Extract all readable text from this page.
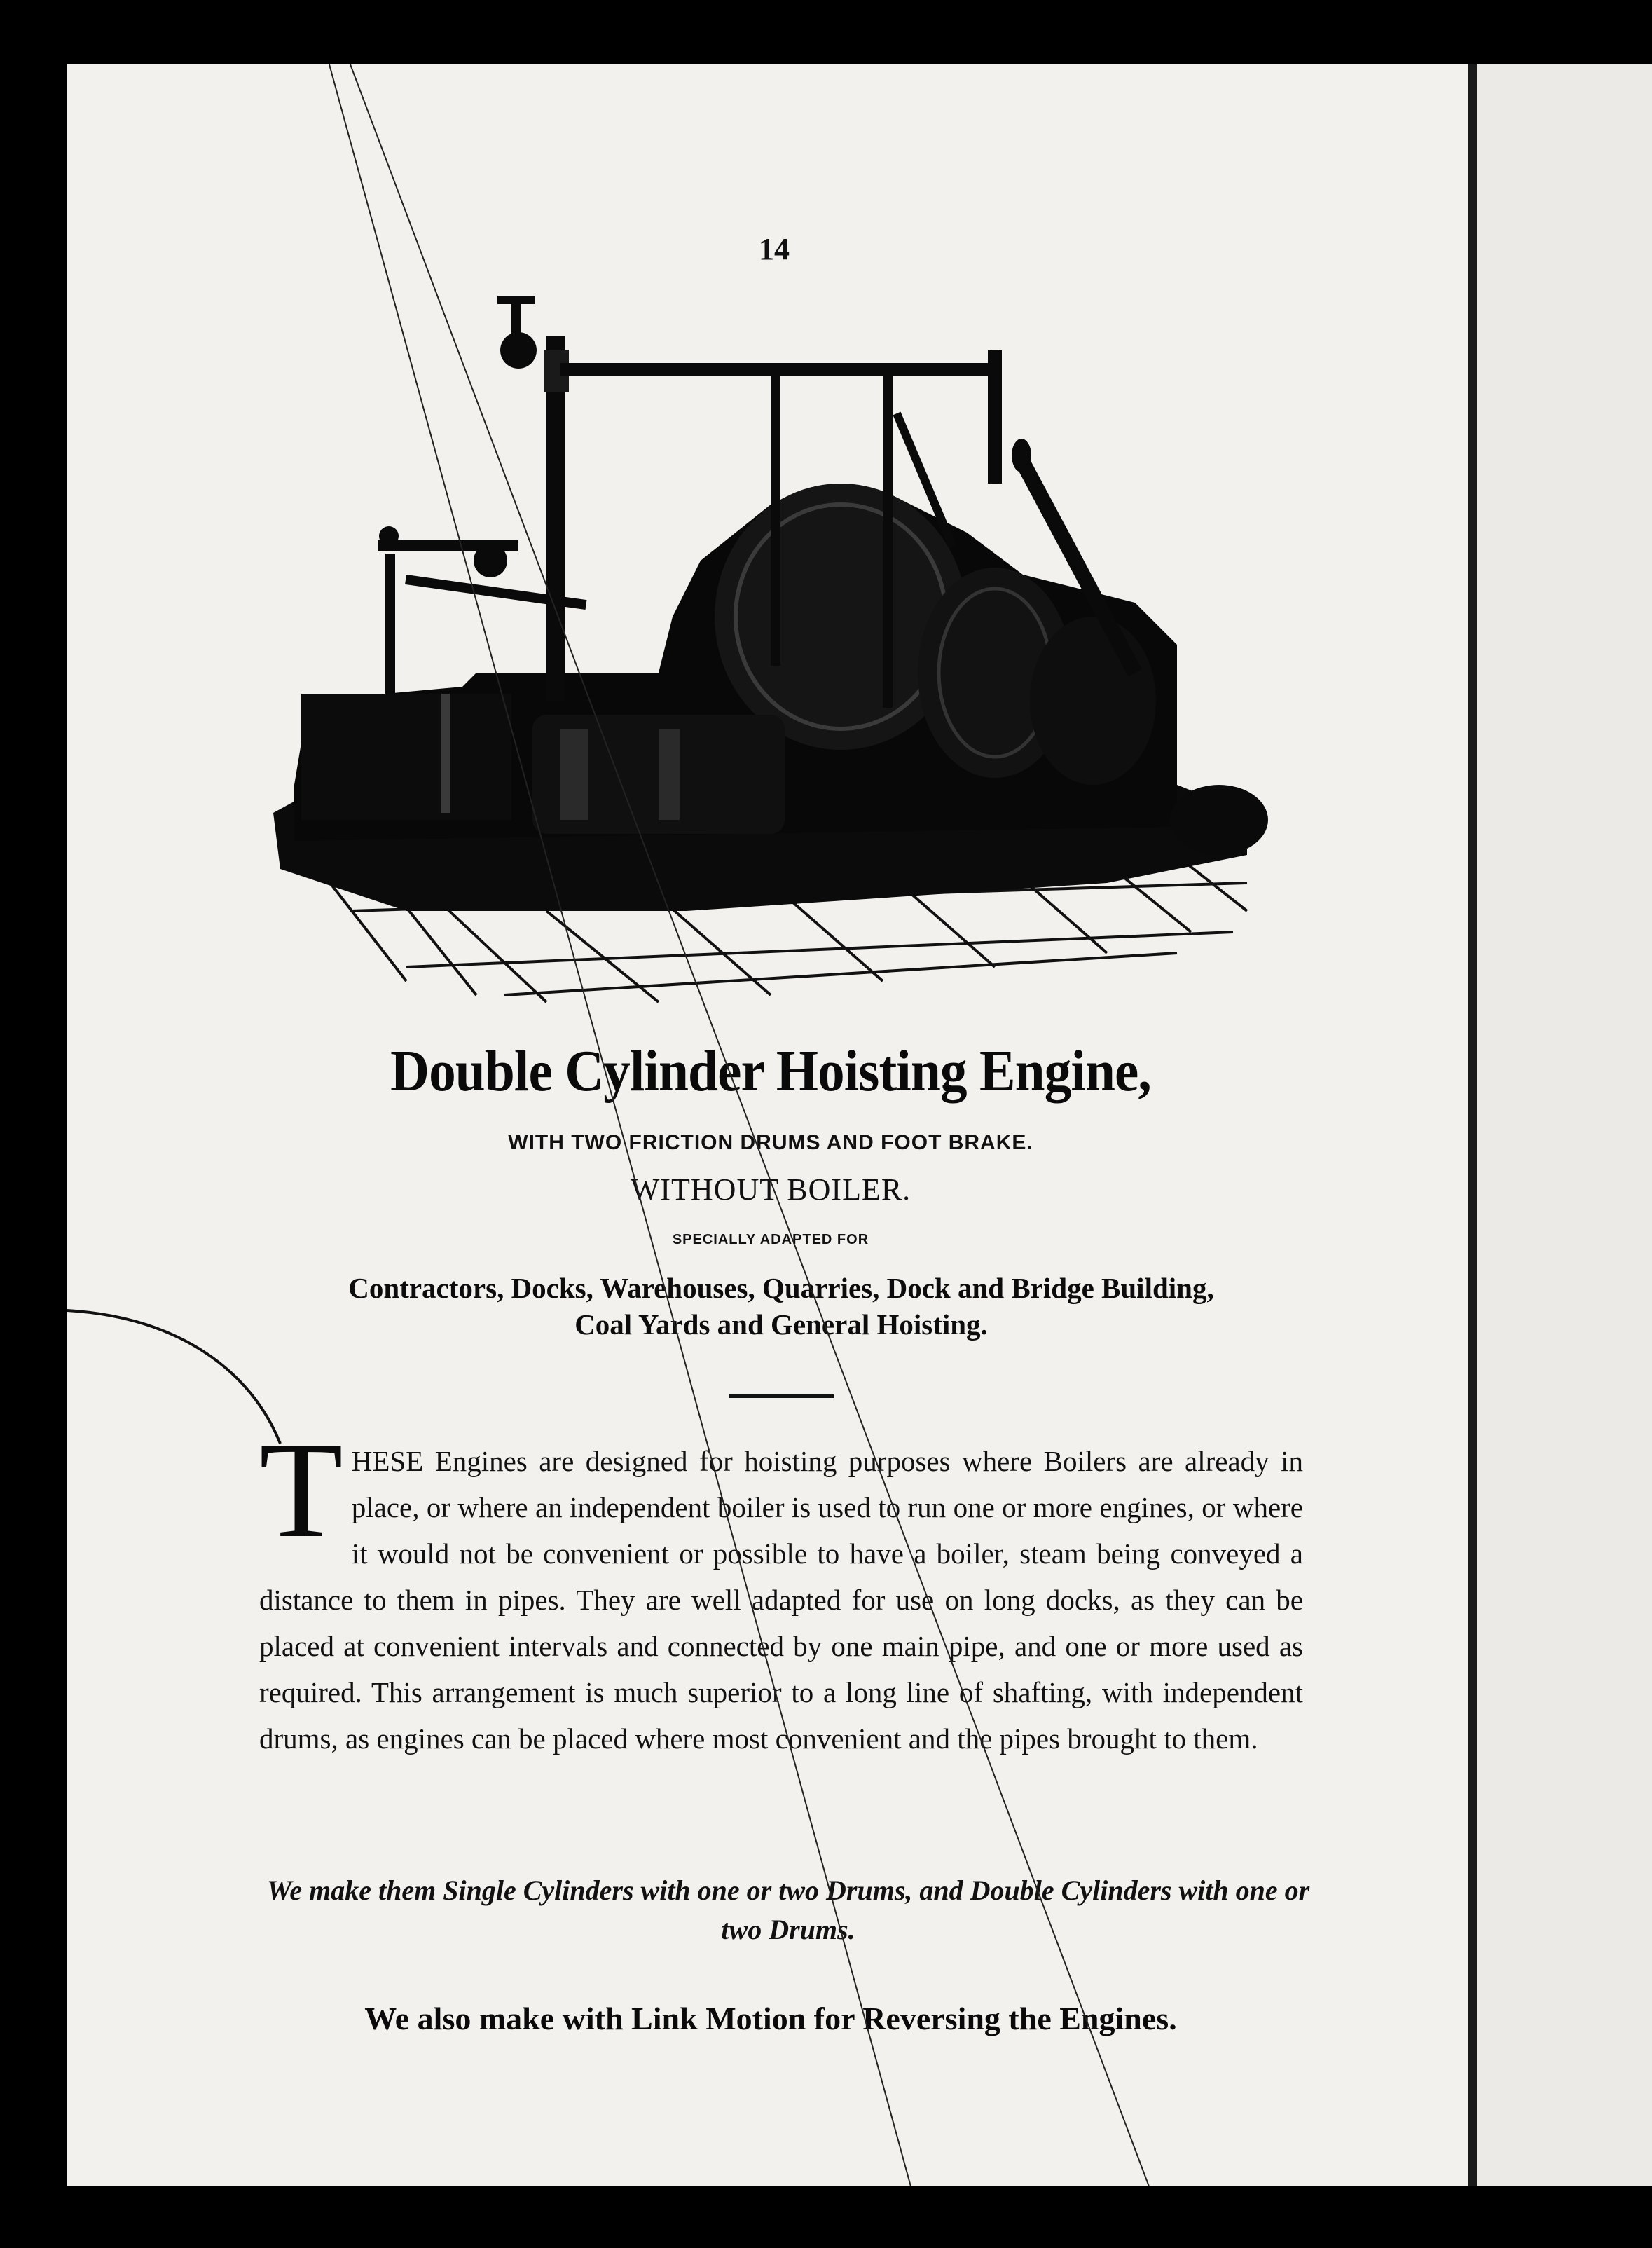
14
Double Cylinder Hoisting Engine,
WITH TWO FRICTION DRUMS AND FOOT BRAKE.
WITHOUT BOILER.
SPECIALLY ADAPTED FOR
Contractors, Docks, Warehouses, Quarries, Dock and Bridge Building,
Coal Yards and General Hoisting.
THESE Engines are designed for hoisting purposes where Boilers are already in place, or where an independent boiler is used to run one or more engines, or where it would not be convenient or possible to have a boiler, steam being conveyed a distance to them in pipes. They are well adapted for use on long docks, as they can be placed at convenient intervals and connected by one main pipe, and one or more used as required. This arrangement is much superior to a long line of shafting, with independent drums, as engines can be placed where most convenient and the pipes brought to them.
We make them Single Cylinders with one or two Drums, and Double Cylinders with one or two Drums.
We also make with Link Motion for Reversing the Engines.
